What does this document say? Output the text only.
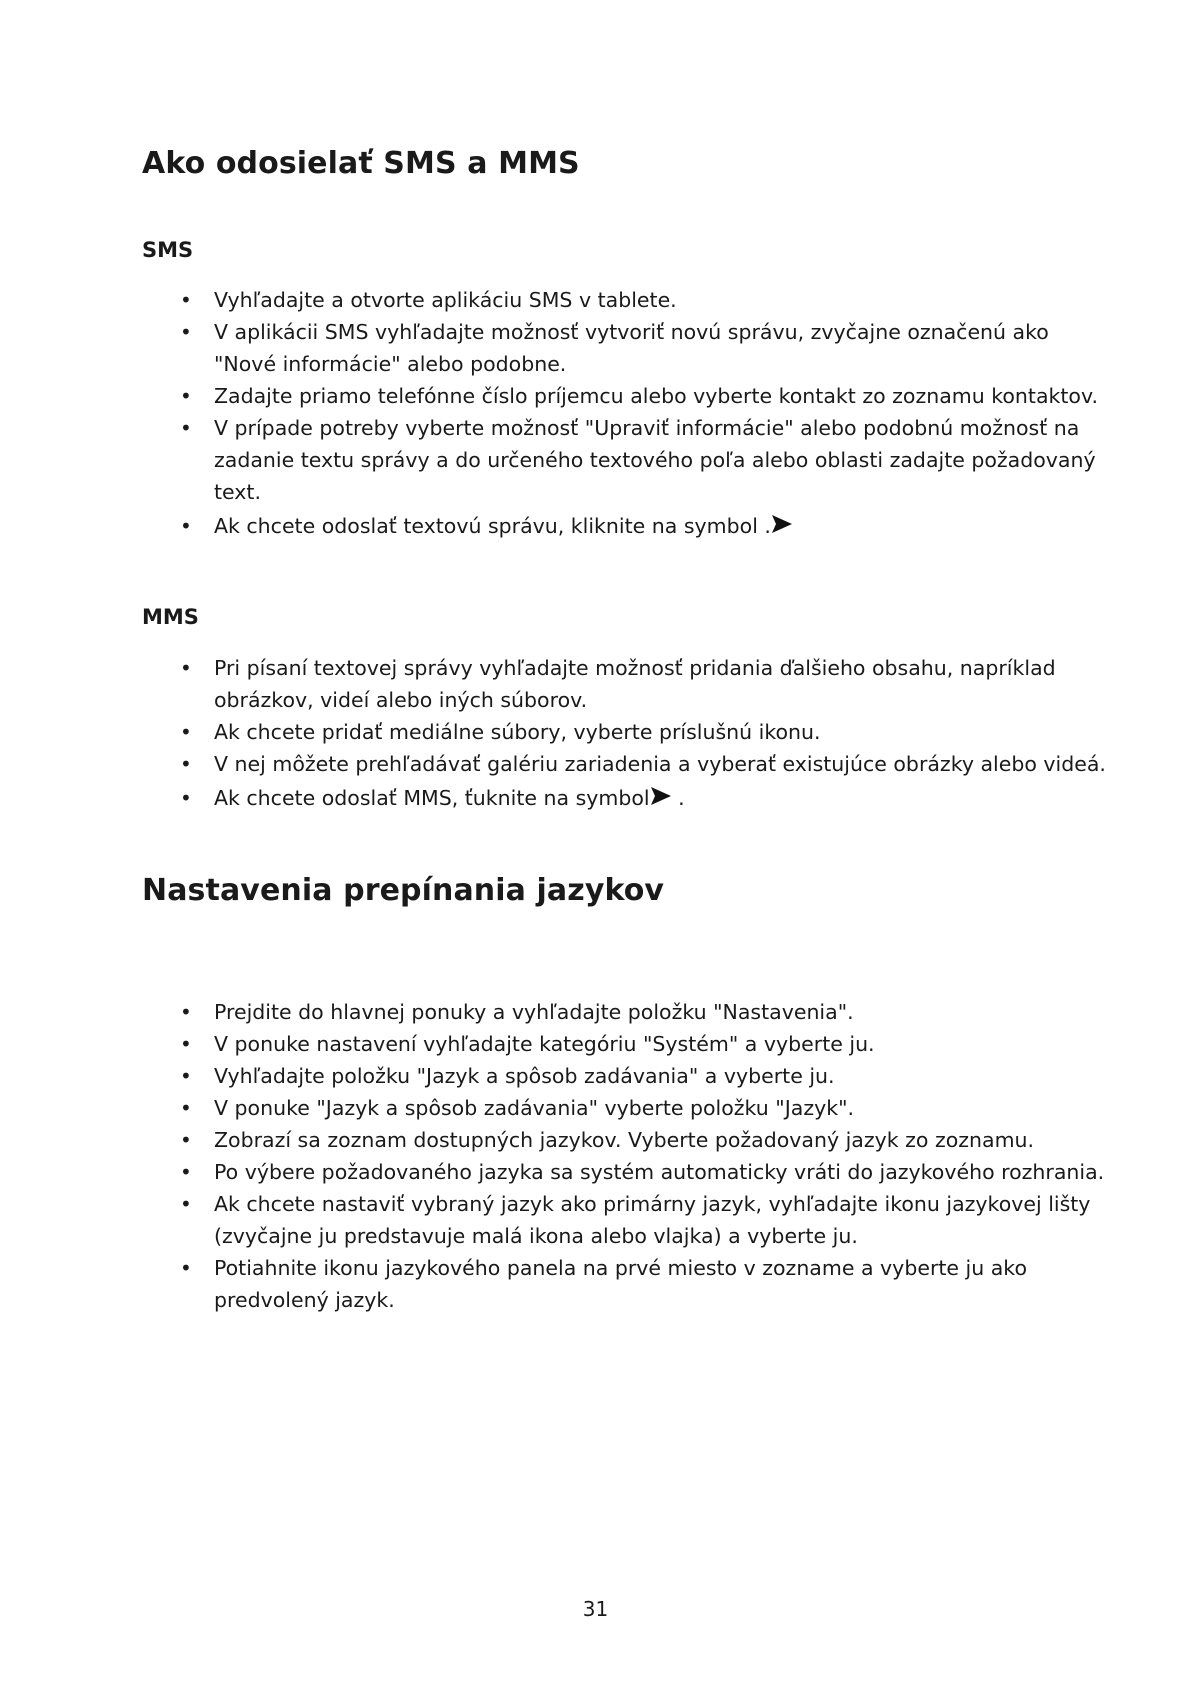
Ako odosielať SMS a MMS
SMS
• Vyhľadajte a otvorte aplikáciu SMS v tablete.
• V aplikácii SMS vyhľadajte možnosť vytvoriť novú správu, zvyčajne označenú ako
"Nové informácie" alebo podobne.
• Zadajte priamo telefónne číslo príjemcu alebo vyberte kontakt zo zoznamu kontaktov.
• V prípade potreby vyberte možnosť "Upraviť informácie" alebo podobnú možnosť na
zadanie textu správy a do určeného textového poľa alebo oblasti zadajte požadovaný
text.
• Ak chcete odoslať textovú správu, kliknite na symbol .
MMS
• Pri písaní textovej správy vyhľadajte možnosť pridania ďalšieho obsahu, napríklad
obrázkov, videí alebo iných súborov.
• Ak chcete pridať mediálne súbory, vyberte príslušnú ikonu.
• V nej môžete prehľadávať galériu zariadenia a vyberať existujúce obrázky alebo videá.
• Ak chcete odoslať MMS, ťuknite na symbol .
Nastavenia prepínania jazykov
• Prejdite do hlavnej ponuky a vyhľadajte položku "Nastavenia".
• V ponuke nastavení vyhľadajte kategóriu "Systém" a vyberte ju.
• Vyhľadajte položku "Jazyk a spôsob zadávania" a vyberte ju.
• V ponuke "Jazyk a spôsob zadávania" vyberte položku "Jazyk".
• Zobrazí sa zoznam dostupných jazykov. Vyberte požadovaný jazyk zo zoznamu.
• Po výbere požadovaného jazyka sa systém automaticky vráti do jazykového rozhrania.
• Ak chcete nastaviť vybraný jazyk ako primárny jazyk, vyhľadajte ikonu jazykovej lišty
(zvyčajne ju predstavuje malá ikona alebo vlajka) a vyberte ju.
• Potiahnite ikonu jazykového panela na prvé miesto v zozname a vyberte ju ako
predvolený jazyk.
31
